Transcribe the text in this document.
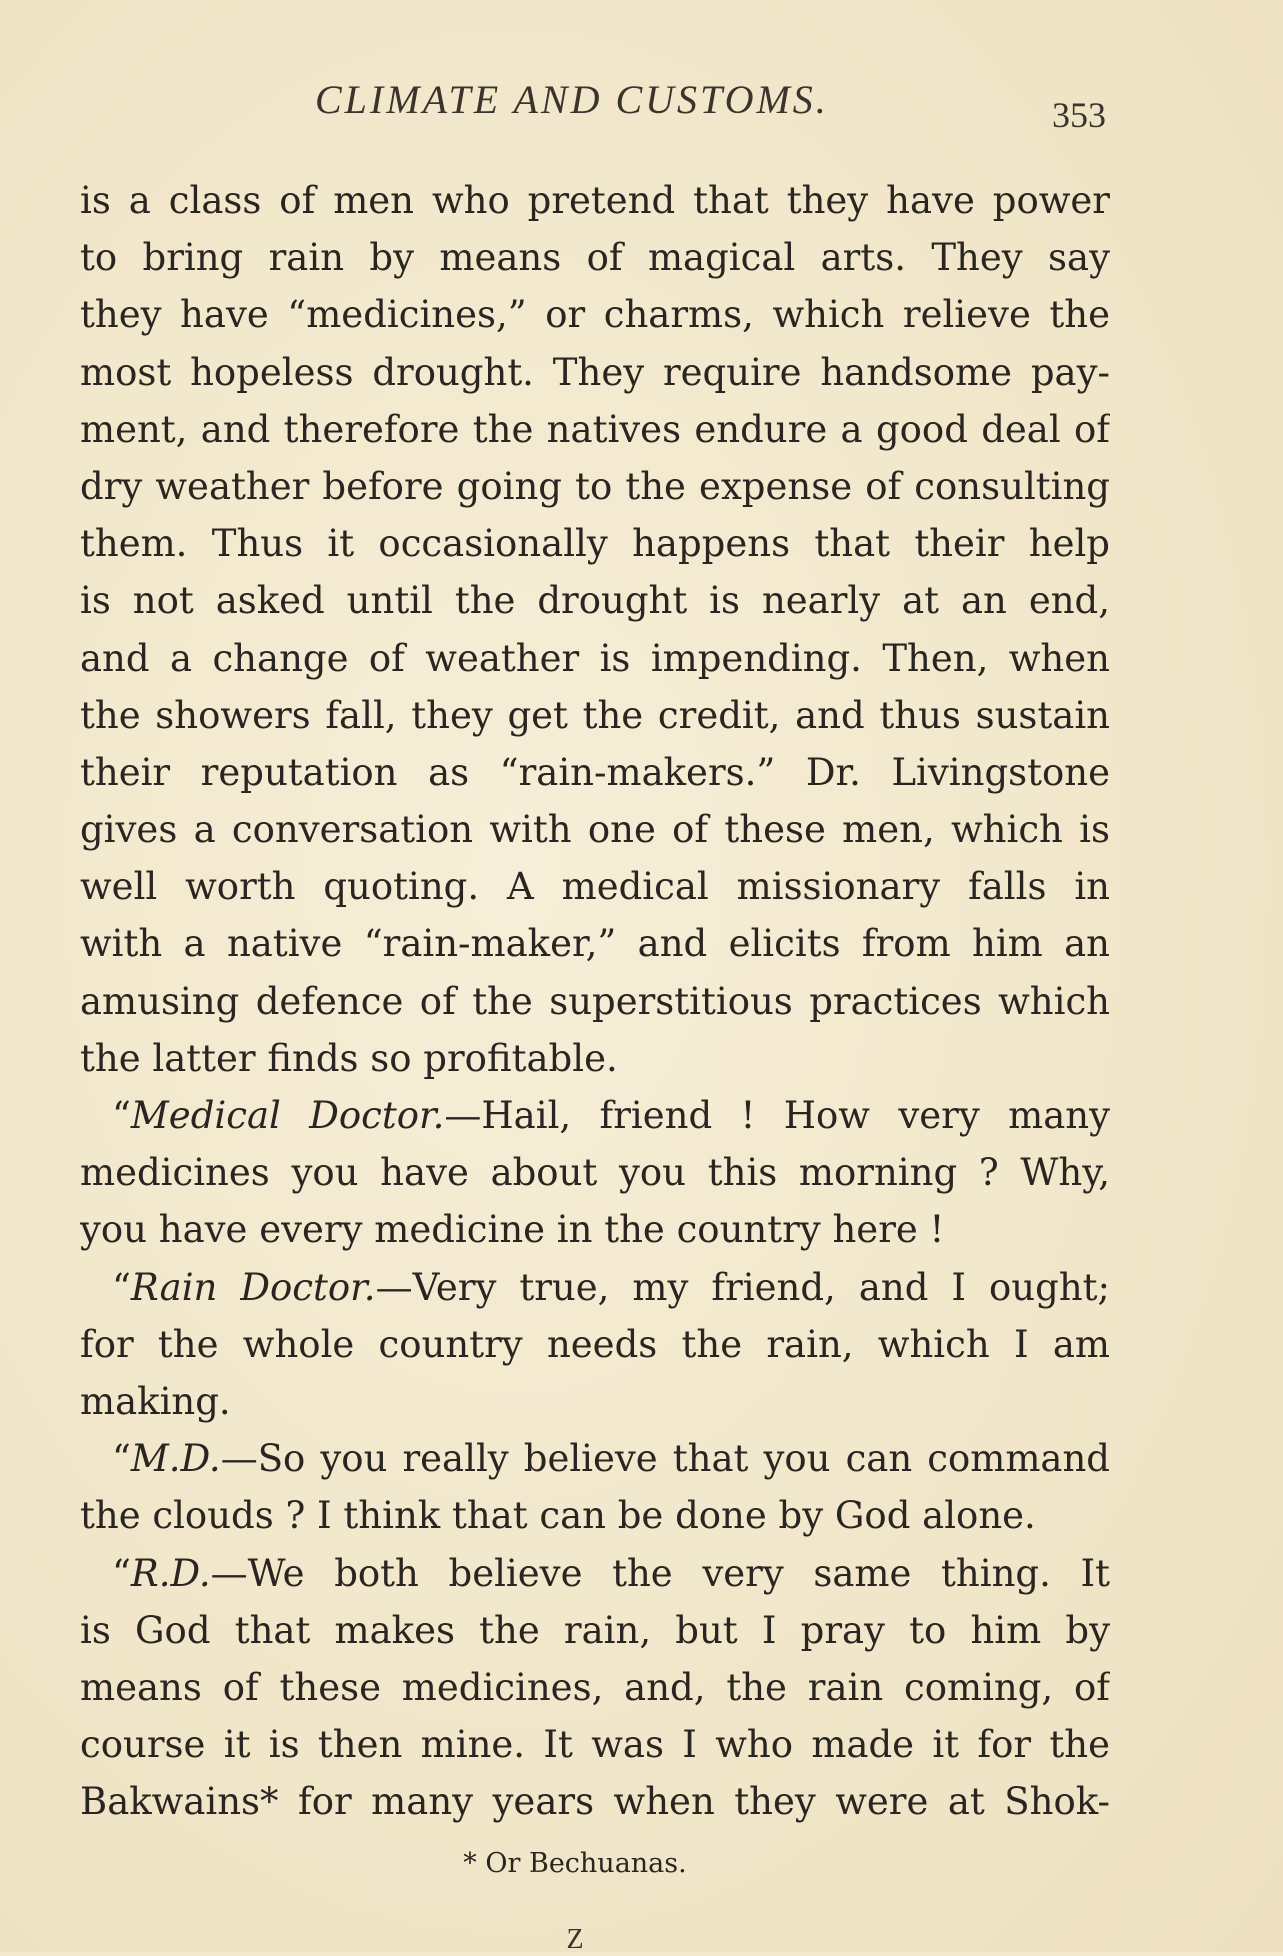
CLIMATE AND CUSTOMS.	353
is a class of men who pretend that they have power
to bring rain by means of magical arts. They say
they have “medicines,” or charms, which relieve the
most hopeless drought. They require handsome pay-
ment, and therefore the natives endure a good deal of
dry weather before going to the expense of consulting
them. Thus it occasionally happens that their help
is not asked until the drought is nearly at an end,
and a change of weather is impending. Then, when
the showers fall, they get the credit, and thus sustain
their reputation as “rain-makers.” Dr. Livingstone
gives a conversation with one of these men, which is
well worth quoting. A medical missionary falls in
with a native “rain-maker,” and elicits from him an
amusing defence of the superstitious practices which
the latter finds so profitable.
“Medical Doctor.—Hail, friend ! How very many
medicines you have about you this morning ? Why,
you have every medicine in the country here !
“Rain Doctor.—Very true, my friend, and I ought;
for the whole country needs the rain, which I am
making.
“M.D.—So you really believe that you can command
the clouds ? I think that can be done by God alone.
“R.D.—We both believe the very same thing. It
is God that makes the rain, but I pray to him by
means of these medicines, and, the rain coming, of
course it is then mine. It was I who made it for the
Bakwains* for many years when they were at Shok-
* Or Bechuanas.
Z
